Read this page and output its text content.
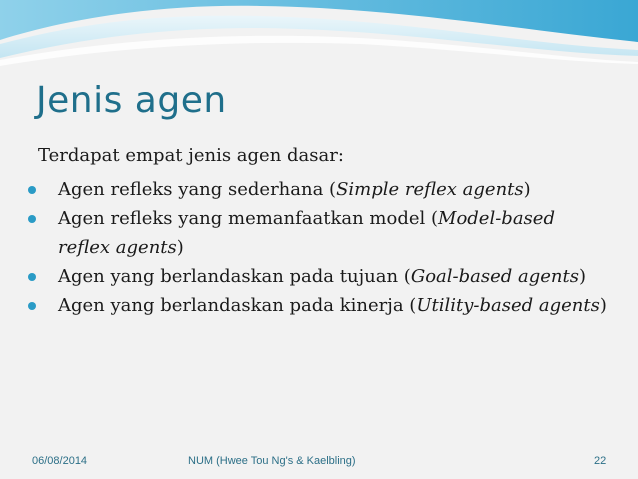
Jenis agen
Terdapat empat jenis agen dasar:
Agen refleks yang sederhana (Simple reflex agents)
Agen refleks yang memanfaatkan model (Model-based reflex agents)
Agen yang berlandaskan pada tujuan (Goal-based agents)
Agen yang berlandaskan pada kinerja (Utility-based agents)
06/08/2014	NUM (Hwee Tou Ng's & Kaelbling)	22
